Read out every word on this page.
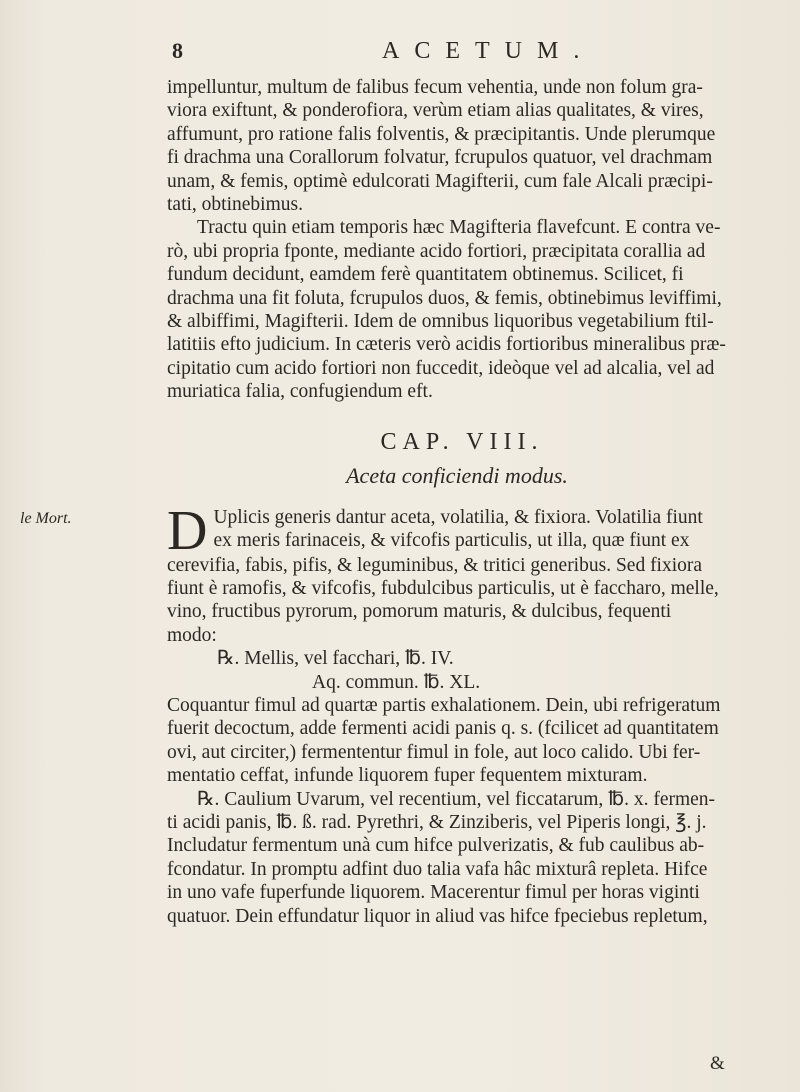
8	ACETUM.
le Mort.

impelluntur, multum de falibus fecum vehentia, unde non folum gra-
viora exiftunt, & ponderofiora, verùm etiam alias qualitates, & vires,
affumunt, pro ratione falis folventis, & præcipitantis. Unde plerumque
fi drachma una Corallorum folvatur, fcrupulos quatuor, vel drachmam
unam, & femis, optimè edulcorati Magifterii, cum fale Alcali præcipi-
tati, obtinebimus.

Tractu quin etiam temporis hæc Magifteria flavefcunt. E contra ve-
rò, ubi propria fponte, mediante acido fortiori, præcipitata corallia ad
fundum decidunt, eamdem ferè quantitatem obtinemus. Scilicet, fi
drachma una fit foluta, fcrupulos duos, & femis, obtinebimus leviffimi,
& albiffimi, Magifterii. Idem de omnibus liquoribus vegetabilium ftil-
latitiis efto judicium. In cæteris verò acidis fortioribus mineralibus præ-
cipitatio cum acido fortiori non fuccedit, ideòque vel ad alcalia, vel ad
muriatica falia, confugiendum eft.

CAP. VIII.
Aceta conficiendi modus.
D Uplicis generis dantur aceta, volatilia, & fixiora. Volatilia fiunt
ex meris farinaceis, & vifcofis particulis, ut illa, quæ fiunt ex
cerevifia, fabis, pifis, & leguminibus, & tritici generibus. Sed fixiora
fiunt è ramofis, & vifcofis, fubdulcibus particulis, ut è faccharo, melle,
vino, fructibus pyrorum, pomorum maturis, & dulcibus, fequenti
modo:
℞. Mellis, vel facchari, ℔. IV.
Aq. commun. ℔. XL.

Coquantur fimul ad quartæ partis exhalationem. Dein, ubi refrigeratum
fuerit decoctum, adde fermenti acidi panis q. s. (fcilicet ad quantitatem
ovi, aut circiter,) fermententur fimul in fole, aut loco calido. Ubi fer-
mentatio ceffat, infunde liquorem fuper fequentem mixturam.

℞. Caulium Uvarum, vel recentium, vel ficcatarum, ℔. x. fermen-
ti acidi panis, ℔. ß. rad. Pyrethri, & Zinziberis, vel Piperis longi, ℥. j.
Includatur fermentum unà cum hifce pulverizatis, & fub caulibus ab-
fcondatur. In promptu adfint duo talia vafa hâc mixturâ repleta. Hifce
in uno vafe fuperfunde liquorem. Macerentur fimul per horas viginti
quatuor. Dein effundatur liquor in aliud vas hifce fpeciebus repletum,

&
